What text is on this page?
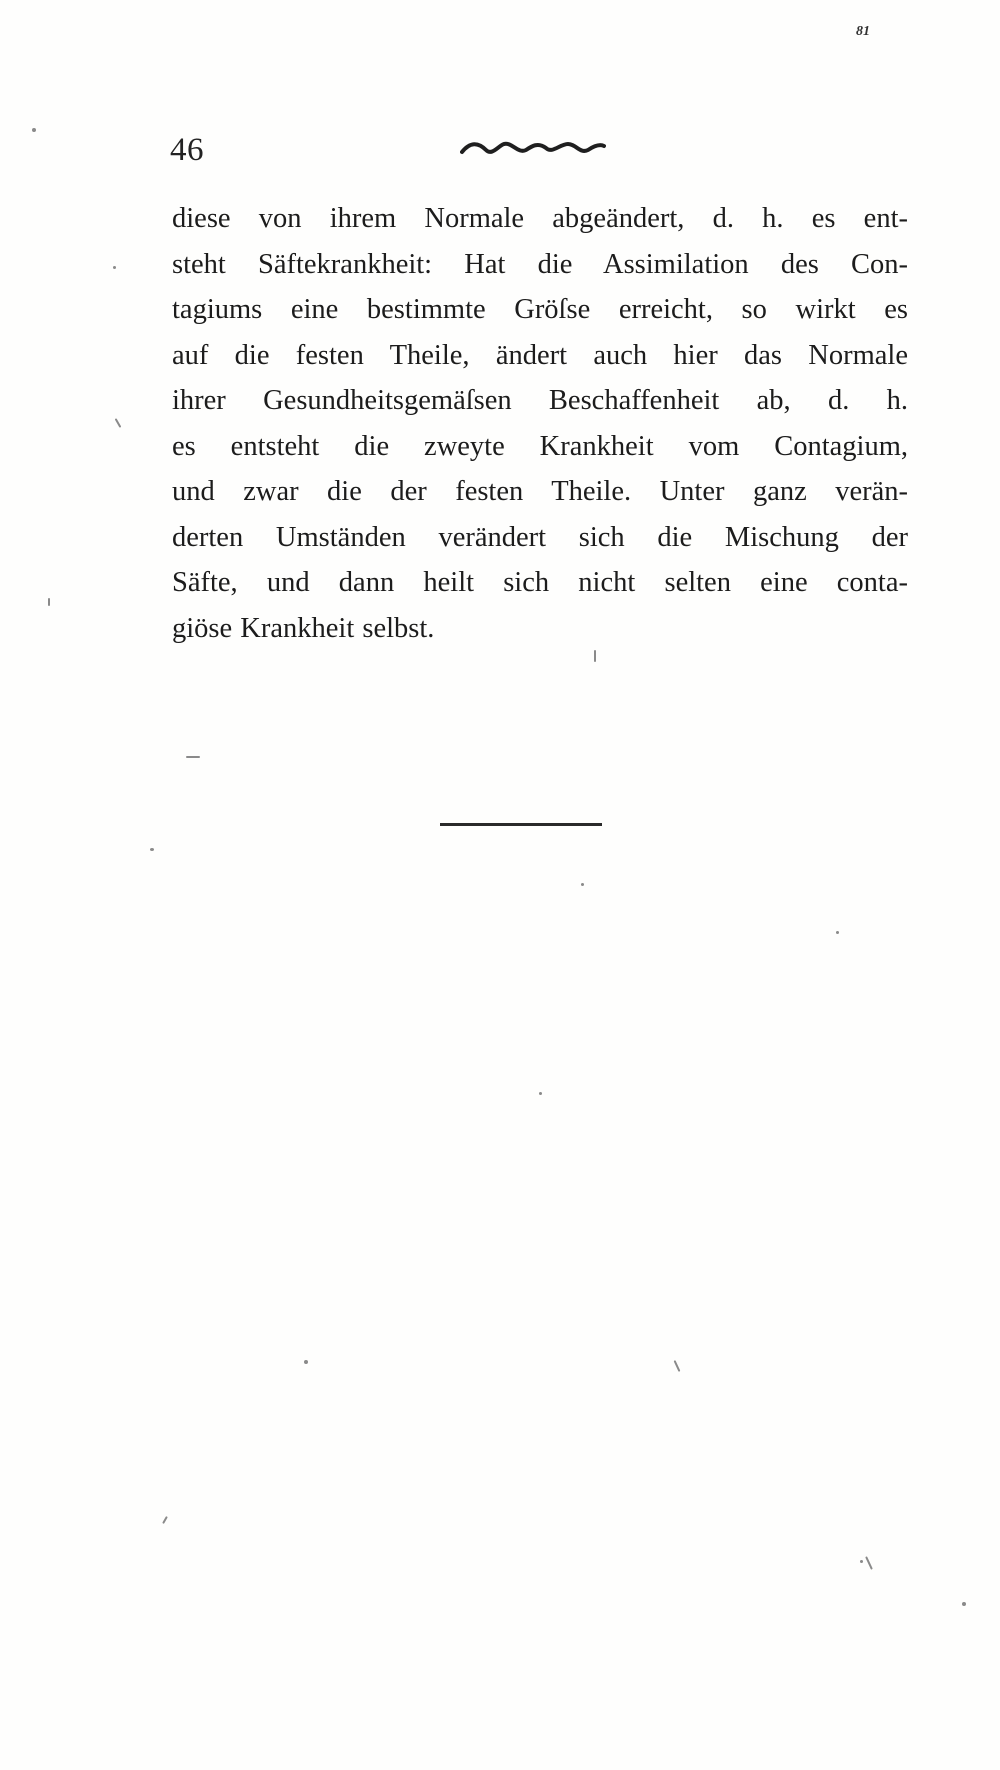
81
46
diese von ihrem Normale abgeändert, d. h. es ent-
steht Säftekrankheit: Hat die Assimilation des Con-
tagiums eine bestimmte Gröſse erreicht, so wirkt es
auf die festen Theile, ändert auch hier das Normale
ihrer Gesundheitsgemäſsen Beschaffenheit ab, d. h.
es entsteht die zweyte Krankheit vom Contagium,
und zwar die der festen Theile. Unter ganz verän-
derten Umständen verändert sich die Mischung der
Säfte, und dann heilt sich nicht selten eine conta-
giöse Krankheit selbst.
